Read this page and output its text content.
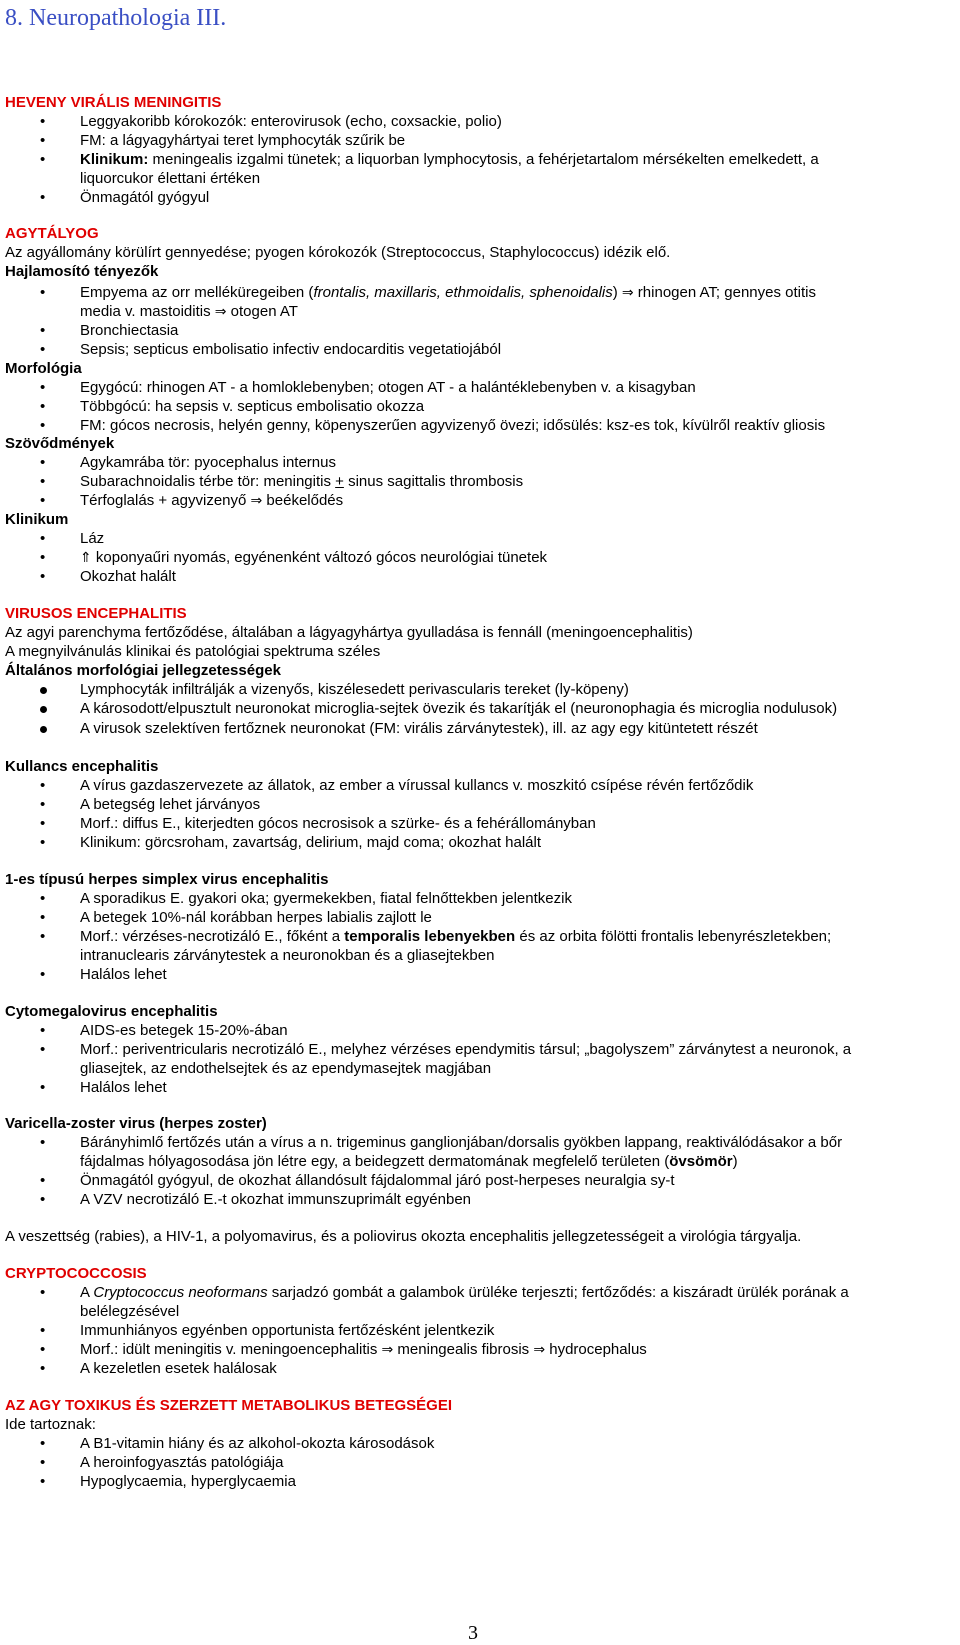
8. Neuropathologia III.
HEVENY VIRÁLIS MENINGITIS
• Leggyakoribb kórokozók: enterovirusok (echo, coxsackie, polio)
• FM: a lágyagyhártyai teret lymphocyták szűrik be
• Klinikum: meningealis izgalmi tünetek; a liquorban lymphocytosis, a fehérjetartalom mérsékelten emelkedett, a
liquorcukor élettani értéken
• Önmagától gyógyul
AGYTÁLYOG
Az agyállomány körülírt gennyedése; pyogen kórokozók (Streptococcus, Staphylococcus) idézik elő.
Hajlamosító tényezők
• Empyema az orr melléküregeiben (frontalis, maxillaris, ethmoidalis, sphenoidalis) ⇒ rhinogen AT; gennyes otitis
media v. mastoiditis ⇒ otogen AT
• Bronchiectasia
• Sepsis; septicus embolisatio infectiv endocarditis vegetatiojából
Morfológia
• Egygócú: rhinogen AT - a homloklebenyben; otogen AT - a halántéklebenyben v. a kisagyban
• Többgócú: ha sepsis v. septicus embolisatio okozza
• FM: gócos necrosis, helyén genny, köpenyszerűen agyvizenyő övezi; idősülés: ksz-es tok, kívülről reaktív gliosis
Szövődmények
• Agykamrába tör: pyocephalus internus
• Subarachnoidalis térbe tör: meningitis + sinus sagittalis thrombosis
• Térfoglalás + agyvizenyő ⇒ beékelődés
Klinikum
• Láz
• ⇑ koponyaűri nyomás, egyénenként változó gócos neurológiai tünetek
• Okozhat halált
VIRUSOS ENCEPHALITIS
Az agyi parenchyma fertőződése, általában a lágyagyhártya gyulladása is fennáll (meningoencephalitis)
A megnyilvánulás klinikai és patológiai spektruma széles
Általános morfológiai jellegzetességek
Lymphocyták infiltrálják a vizenyős, kiszélesedett perivascularis tereket (ly-köpeny)
A károsodott/elpusztult neuronokat microglia-sejtek övezik és takarítják el (neuronophagia és microglia nodulusok)
A virusok szelektíven fertőznek neuronokat (FM: virális zárványtestek), ill. az agy egy kitüntetett részét
Kullancs encephalitis
• A vírus gazdaszervezete az állatok, az ember a vírussal kullancs v. moszkitó csípése révén fertőződik
• A betegség lehet járványos
• Morf.: diffus E., kiterjedten gócos necrosisok a szürke- és a fehérállományban
• Klinikum: görcsroham, zavartság, delirium, majd coma; okozhat halált
1-es típusú herpes simplex virus encephalitis
• A sporadikus E. gyakori oka; gyermekekben, fiatal felnőttekben jelentkezik
• A betegek 10%-nál korábban herpes labialis zajlott le
• Morf.: vérzéses-necrotizáló E., főként a temporalis lebenyekben és az orbita fölötti frontalis lebenyrészletekben;
intranuclearis zárványtestek a neuronokban és a gliasejtekben
• Halálos lehet
Cytomegalovirus encephalitis
• AIDS-es betegek 15-20%-ában
• Morf.: periventricularis necrotizáló E., melyhez vérzéses ependymitis társul; „bagolyszem” zárványtest a neuronok, a
gliasejtek, az endothelsejtek és az ependymasejtek magjában
• Halálos lehet
Varicella-zoster virus (herpes zoster)
• Bárányhimlő fertőzés után a vírus a n. trigeminus ganglionjában/dorsalis gyökben lappang, reaktiválódásakor a bőr
fájdalmas hólyagosodása jön létre egy, a beidegzett dermatomának megfelelő területen (övsömör)
• Önmagától gyógyul, de okozhat állandósult fájdalommal járó post-herpeses neuralgia sy-t
• A VZV necrotizáló E.-t okozhat immunszuprimált egyénben
A veszettség (rabies), a HIV-1, a polyomavirus, és a poliovirus okozta encephalitis jellegzetességeit a virológia tárgyalja.
CRYPTOCOCCOSIS
• A Cryptococcus neoformans sarjadzó gombát a galambok ürüléke terjeszti; fertőződés: a kiszáradt ürülék porának a
belélegzésével
• Immunhiányos egyénben opportunista fertőzésként jelentkezik
• Morf.: idült meningitis v. meningoencephalitis ⇒ meningealis fibrosis ⇒ hydrocephalus
• A kezeletlen esetek halálosak
AZ AGY TOXIKUS ÉS SZERZETT METABOLIKUS BETEGSÉGEI
Ide tartoznak:
• A B1-vitamin hiány és az alkohol-okozta károsodások
• A heroinfogyasztás patológiája
• Hypoglycaemia, hyperglycaemia
3
